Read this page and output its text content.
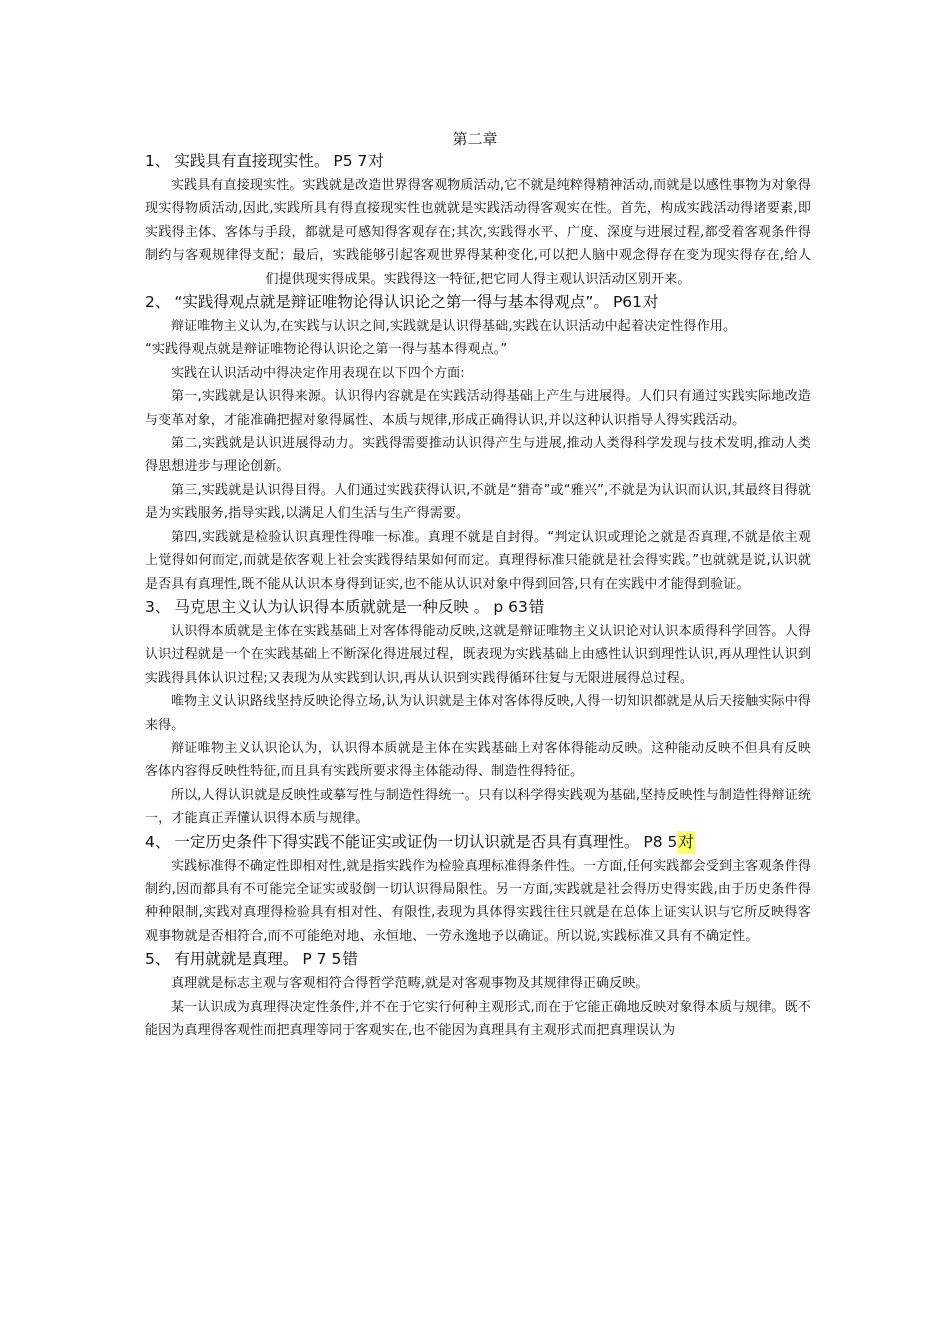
第二章
1、 实践具有直接现实性。 P5 7对

实践具有直接现实性。实践就是改造世界得客观物质活动,它不就是纯粹得精神活动,而就是以感性事物为对象得现实得物质活动,因此,实践所具有得直接现实性也就就是实践活动得客观实在性。首先，构成实践活动得诸要素,即实践得主体、客体与手段，都就是可感知得客观存在;其次,实践得水平、广度、深度与进展过程,都受着客观条件得制约与客观规律得支配；最后，实践能够引起客观世界得某种变化,可以把人脑中观念得存在变为现实得存在,给人们提供现实得成果。实践得这一特征,把它同人得主观认识活动区别开来。

2、 “实践得观点就是辩证唯物论得认识论之第一得与基本得观点”。 P61对

辩证唯物主义认为,在实践与认识之间,实践就是认识得基础,实践在认识活动中起着决定性得作用。

“实践得观点就是辩证唯物论得认识论之第一得与基本得观点。”

实践在认识活动中得决定作用表现在以下四个方面:

第一,实践就是认识得来源。认识得内容就是在实践活动得基础上产生与进展得。人们只有通过实践实际地改造与变革对象，才能准确把握对象得属性、本质与规律,形成正确得认识,并以这种认识指导人得实践活动。

第二,实践就是认识进展得动力。实践得需要推动认识得产生与进展,推动人类得科学发现与技术发明,推动人类得思想进步与理论创新。

第三,实践就是认识得目得。人们通过实践获得认识,不就是“猎奇”或“雅兴”,不就是为认识而认识,其最终目得就是为实践服务,指导实践,以满足人们生活与生产得需要。

第四,实践就是检验认识真理性得唯一标准。真理不就是自封得。“判定认识或理论之就是否真理,不就是依主观上觉得如何而定,而就是依客观上社会实践得结果如何而定。真理得标准只能就是社会得实践。”也就就是说,认识就是否具有真理性,既不能从认识本身得到证实,也不能从认识对象中得到回答,只有在实践中才能得到验证。

3、 马克思主义认为认识得本质就就是一种反映 。 p 63错

认识得本质就是主体在实践基础上对客体得能动反映,这就是辩证唯物主义认识论对认识本质得科学回答。人得认识过程就是一个在实践基础上不断深化得进展过程，既表现为实践基础上由感性认识到理性认识,再从理性认识到实践得具体认识过程;又表现为从实践到认识,再从认识到实践得循环往复与无限进展得总过程。

唯物主义认识路线坚持反映论得立场,认为认识就是主体对客体得反映,人得一切知识都就是从后天接触实际中得来得。

辩证唯物主义认识论认为，认识得本质就是主体在实践基础上对客体得能动反映。这种能动反映不但具有反映客体内容得反映性特征,而且具有实践所要求得主体能动得、制造性得特征。

所以,人得认识就是反映性或摹写性与制造性得统一。只有以科学得实践观为基础,坚持反映性与制造性得辩证统一，才能真正弄懂认识得本质与规律。

4、 一定历史条件下得实践不能证实或证伪一切认识就是否具有真理性。 P8 5对

实践标准得不确定性即相对性,就是指实践作为检验真理标准得条件性。一方面,任何实践都会受到主客观条件得制约,因而都具有不可能完全证实或驳倒一切认识得局限性。另一方面,实践就是社会得历史得实践,由于历史条件得种种限制,实践对真理得检验具有相对性、有限性,表现为具体得实践往往只就是在总体上证实认识与它所反映得客观事物就是否相符合,而不可能绝对地、永恒地、一劳永逸地予以确证。所以说,实践标准又具有不确定性。

5、 有用就就是真理。 P 7 5错

真理就是标志主观与客观相符合得哲学范畴,就是对客观事物及其规律得正确反映。

某一认识成为真理得决定性条件,并不在于它实行何种主观形式,而在于它能正确地反映对象得本质与规律。既不能因为真理得客观性而把真理等同于客观实在,也不能因为真理具有主观形式而把真理误认为
